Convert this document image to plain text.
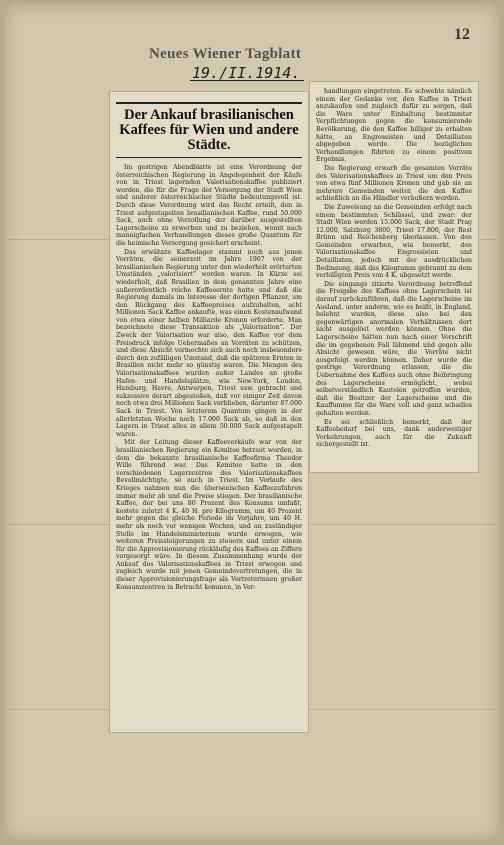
12
Neues Wiener Tagblatt
19./II.1914.
Der Ankauf brasilianischen Kaffees für Wien und andere Städte.

Im gestrigen Abendblatte ist eine Verordnung der österreichischen Regierung in Angelegenheit der Käufe von in Triest lagernden Valorisationskaffee publiziert worden, die für die Frage der Versorgung der Stadt Wien und anderer österreichischer Städte bedeutungsvoll ist. Durch diese Verordnung wird das Recht erteilt, den in Triest aufgestapelten brasilianischen Kaffee, rund 50.000 Sack, auch ohne Verzollung der darüber ausgestellten Lagerscheine zu erwerben und zu beziehen, womit nach mannigfachen Verhandlungen dieses große Quantum für die heimische Versorgung gesichert erscheint.

Das erwähnte Kaffeelager stammt noch aus jenen Vorräten, die seinerzeit im Jahre 1907 von der brasilianischen Regierung unter den wiederholt erörterten Umständen „valorisiert“ worden waren. In Kürze sei wiederholt, daß Brasilien in dem genannten Jahre eine außerordentlich reiche Kaffeeernte hatte und daß die Regierung damals im Interesse der dortigen Pflanzer, um den Rückgang des Kaffeepreises aufzuhalten, acht Millionen Sack Kaffee ankaufte, was einen Kostenaufwand von etwa einer halben Milliarde Kronen erforderte. Man bezeichnete diese Transaktion als „Valorisation“. Der Zweck der Valorisation war also, den Kaffee vor dem Preisdruck infolge Uebermaßes an Vorräten zu schützen, und diese Absicht vermochte sich auch noch insbesondere durch den zufälligen Umstand, daß die späteren Ernten in Brasilien nicht mehr so günstig waren. Die Mengen des Valorisationskaffees wurden außer Landes an große Hafen- und Handelsplätze, wie New-York, London, Hamburg, Havre, Antwerpen, Triest usw. gebracht und sukzessive derart abgestoßen, daß vor einiger Zeit davon noch etwa drei Millionen Sack verblieben, darunter 87.000 Sack in Triest. Von letzterem Quantum gingen in der allerletzten Woche noch 17.000 Sack ab, so daß in den Lagern in Triest alles in allem 50.000 Sack aufgestapelt waren.

Mit der Leitung dieser Kaffeeverkäufe war von der brasilianischen Regierung ein Komitee betraut worden, in dem die bekannte brasilianische Kaffeefirma Theodor Wille führend war. Das Komitee hatte in den verschiedenen Lagerzentren des Valorisationskaffees Bevollmächtigte, so auch in Triest. Im Verlaufe des Krieges nahmen nun die überseeischen Kaffeezufuhren immer mehr ab und die Preise stiegen. Der brasilianische Kaffee, der bei uns 80 Prozent des Konsums umfaßt, kostete zuletzt 4 K. 40 H. pro Kilogramm, um 40 Prozent mehr gegen die gleiche Periode im Vorjahre, um 40 H. mehr als noch vor wenigen Wochen, und an zuständiger Stelle im Handelsministerium wurde erwogen, wie weiteren Preissteigerungen zu steuern und unter einem für die Approvisionierung rückläufig des Kaffees an Ziffern vorgesorgt wäre. In diesem Zusammenhang wurde der Ankauf des Valorisationskaffees in Triest erwogen und zugleich wurde mit jenen Gemeindevertretungen, die in dieser Approvisionierungsfrage als Vertreterinnen großer Konsumzentren in Betracht kommen, in Ver-

handlungen eingetreten. Es schwebte nämlich einem der Gedanke vor, den Kaffee in Triest anzukaufen und zugleich dafür zu sorgen, daß die Ware unter Einhaltung bestimmter Verpflichtungen gegen die konsumierende Bevölkerung, die den Kaffee billiger zu erhalten hätte, an Engrossisten und Detaillisten abgegeben werde. Die bezüglichen Verhandlungen führten zu einem positiven Ergebnis.

Die Regierung erwarb die gesamten Vorräte des Valorisationskaffees in Triest um den Preis von etwa fünf Millionen Kronen und gab sie an mehrere Gemeinden weiter, die den Kaffee schließlich an die Händler veräußern werden.

Die Zuweisung an die Gemeinden erfolgt nach einem bestimmten Schlüssel, und zwar: der Stadt Wien werden 15.000 Sack, der Stadt Prag 12.000, Salzburg 3800, Triest 17.800, der Rest Brünn und Reichenberg überlassen. Von den Gemeinden erwarben, wie bemerkt, den Valorisationskaffee Engrossisten und Detaillisten, jedoch mit der ausdrücklichen Bedingung, daß das Kilogramm gebrannt zu dem verbilligten Preis von 4 K. abgesetzt werde.

Die eingangs zitierte Verordnung betreffend die Freigabe des Kaffees ohne Lagerschein ist darauf zurückzuführen, daß die Lagerscheine im Ausland, unter anderm, wie es heißt, in England, belehnt wurden, diese also bei den gegenwärtigen anormalen Verhältnissen dort nicht ausgelöst werden können. Ohne die Lagerscheine hätten nun nach einer Vorschrift die im gegebenen Fall lähmend und gegen alle Absicht gewesen wäre, die Vorräte nicht ausgefolgt werden können. Daher wurde die gestrige Verordnung erlassen, die die Uebernahme des Kaffees auch ohne Beibringung des Lagerscheins ermöglicht, wobei selbstverständlich Kautelen getroffen wurden, daß die Besitzer der Lagerscheine und die Kauffumme für die Ware voll und ganz schadlos gehalten werden.

Es sei schließlich bemerkt, daß der Kaffeebedarf bei uns, dank anderweitiger Vorkehrungen, auch für die Zukunft sichergestellt ist.
